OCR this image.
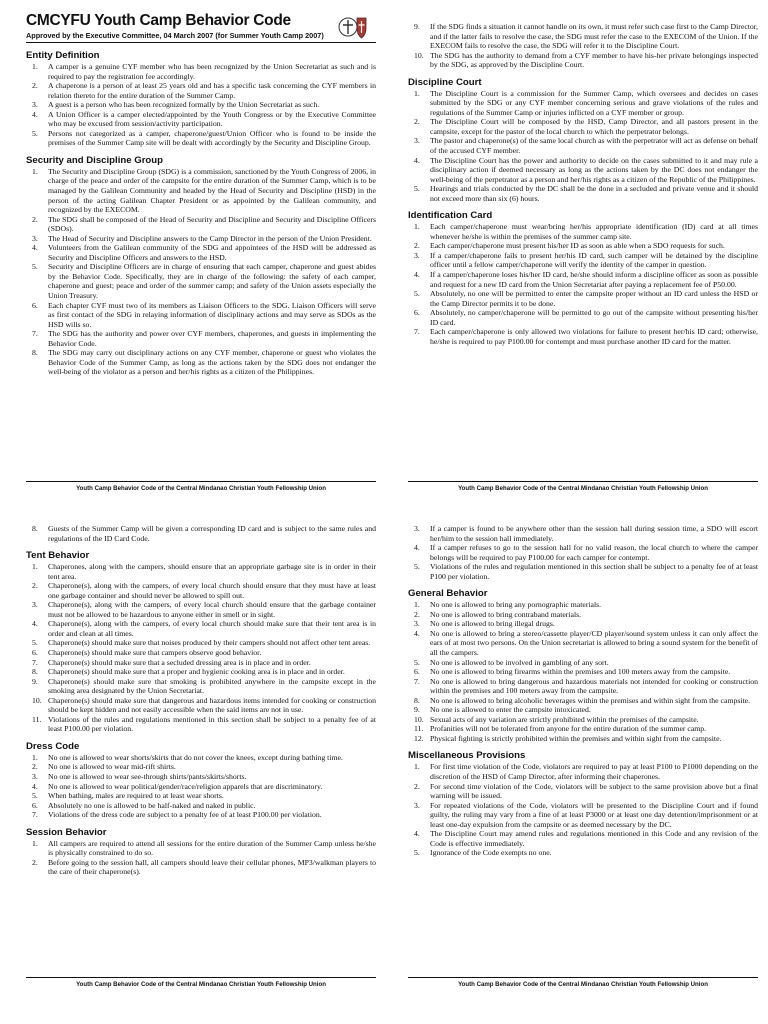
CMCYFU Youth Camp Behavior Code

Approved by the Executive Committee, 04 March 2007 (for Summer Youth Camp 2007)

Entity Definition
1. A camper is a genuine CYF member who has been recognized by the Union Secretariat as such and is required to pay the registration fee accordingly.
2. A chaperone is a person of at least 25 years old and has a specific task concerning the CYF members in relation thereto for the entire duration of the Summer Camp.
3. A guest is a person who has been recognized formally by the Union Secretariat as such.
4. A Union Officer is a camper elected/appointed by the Youth Congress or by the Executive Committee who may be excused from session/activity participation.
5. Persons not categorized as a camper, chaperone/guest/Union Officer who is found to be inside the premises of the Summer Camp site will be dealt with accordingly by the Security and Discipline Group.
Security and Discipline Group
1. The Security and Discipline Group (SDG) is a commission, sanctioned by the Youth Congress of 2006, in charge of the peace and order of the campsite for the entire duration of the Summer Camp, which is to be managed by the Galilean Community and headed by the Head of Security and Discipline (HSD) in the person of the acting Galilean Chapter President or as appointed by the Galilean community, and recognized by the EXECOM.
2. The SDG shall be composed of the Head of Security and Discipline and Security and Discipline Officers (SDOs).
3. The Head of Security and Discipline answers to the Camp Director in the person of the Union President.
4. Volunteers from the Galilean community of the SDG and appointees of the HSD will be addressed as Security and Discipline Officers and answers to the HSD.
5. Security and Discipline Officers are in charge of ensuring that each camper, chaperone and guest abides by the Behavior Code. Specifically, they are in charge of the following: the safety of each camper, chaperone and guest; peace and order of the summer camp; and safety of the Union assets especially the Union Treasury.
6. Each chapter CYF must two of its members as Liaison Officers to the SDG. Liaison Officers will serve as first contact of the SDG in relaying information of disciplinary actions and may serve as SDOs as the HSD wills so.
7. The SDG has the authority and power over CYF members, chaperones, and guests in implementing the Behavior Code.
8. The SDG may carry out disciplinary actions on any CYF member, chaperone or guest who violates the Behavior Code of the Summer Camp, as long as the actions taken by the SDG does not endanger the well-being of the violator as a person and her/his rights as a citizen of the Philippines.
Youth Camp Behavior Code of the Central Mindanao Christian Youth Fellowship Union
9. If the SDG finds a situation it cannot handle on its own, it must refer such case first to the Camp Director, and if the latter fails to resolve the case, the SDG must refer the case to the EXECOM of the Union. If the EXECOM fails to resolve the case, the SDG will refer it to the Discipline Court.
10. The SDG has the authority to demand from a CYF member to have his-her private belongings inspected by the SDG, as approved by the Discipline Court.
Discipline Court
1. The Discipline Court is a commission for the Summer Camp, which oversees and decides on cases submitted by the SDG or any CYF member concerning serious and grave violations of the rules and regulations of the Summer Camp or injuries inflicted on a CYF member or group.
2. The Discipline Court will be composed by the HSD, Camp Director, and all pastors present in the campsite, except for the pastor of the local church to which the perpetrator belongs.
3. The pastor and chaperone(s) of the same local church as with the perpetrator will act as defense on behalf of the accused CYF member.
4. The Discipline Court has the power and authority to decide on the cases submitted to it and may rule a disciplinary action if deemed necessary as long as the actions taken by the DC does not endanger the well-being of the perpetrator as a person and her/his rights as a citizen of the Republic of the Philippines.
5. Hearings and trials conducted by the DC shall be the done in a secluded and private venue and it should not exceed more than six (6) hours.
Identification Card
1. Each camper/chaperone must wear/bring her/his appropriate identification (ID) card at all times whenever he/she is within the premises of the summer camp site.
2. Each camper/chaperone must present his/her ID as soon as able when a SDO requests for such.
3. If a camper/chaperone fails to present her/his ID card, such camper will be detained by the discipline officer until a fellow camper/chaperone will verify the identity of the camper in question.
4. If a camper/chaperone loses his/her ID card, he/she should inform a discipline officer as soon as possible and request for a new ID card from the Union Secretariat after paying a replacement fee of P50.00.
5. Absolutely, no one will be permitted to enter the campsite proper without an ID card unless the HSD or the Camp Director permits it to be done.
6. Absolutely, no camper/chaperone will be permitted to go out of the campsite without presenting his/her ID card.
7. Each camper/chaperone is only allowed two violations for failure to present her/his ID card; otherwise, he/she is required to pay P100.00 for contempt and must purchase another ID card for the matter.
Youth Camp Behavior Code of the Central Mindanao Christian Youth Fellowship Union
8. Guests of the Summer Camp will be given a corresponding ID card and is subject to the same rules and regulations of the ID Card Code.
Tent Behavior
1. Chaperones, along with the campers, should ensure that an appropriate garbage site is in order in their tent area.
2. Chaperone(s), along with the campers, of every local church should ensure that they must have at least one garbage container and should never be allowed to spill out.
3. Chaperone(s), along with the campers, of every local church should ensure that the garbage container must not be allowed to be hazardous to anyone either in smell or in sight.
4. Chaperone(s), along with the campers, of every local church should make sure that their tent area is in order and clean at all times.
5. Chaperone(s) should make sure that noises produced by their campers should not affect other tent areas.
6. Chaperone(s) should make sure that campers observe good behavior.
7. Chaperone(s) should make sure that a secluded dressing area is in place and in order.
8. Chaperone(s) should make sure that a proper and hygienic cooking area is in place and in order.
9. Chaperone(s) should make sure that smoking is prohibited anywhere in the campsite except in the smoking area designated by the Union Secretariat.
10. Chaperone(s) should make sure that dangerous and hazardous items intended for cooking or construction should be kept hidden and not easily accessible when the said items are not in use.
11. Violations of the rules and regulations mentioned in this section shall be subject to a penalty fee of at least P100.00 per violation.
Dress Code
1. No one is allowed to wear shorts/skirts that do not cover the knees, except during bathing time.
2. No one is allowed to wear mid-rift shirts.
3. No one is allowed to wear see-through shirts/pants/skirts/shorts.
4. No one is allowed to wear political/gender/race/religion apparels that are discriminatory.
5. When bathing, males are required to at least wear shorts.
6. Absolutely no one is allowed to be half-naked and naked in public.
7. Violations of the dress code are subject to a penalty fee of at least P100.00 per violation.
Session Behavior
1. All campers are required to attend all sessions for the entire duration of the Summer Camp unless he/she is physically constrained to do so.
2. Before going to the session hall, all campers should leave their cellular phones, MP3/walkman players to the care of their chaperone(s).
Youth Camp Behavior Code of the Central Mindanao Christian Youth Fellowship Union
3. If a camper is found to be anywhere other than the session hall during session time, a SDO will escort her/him to the session hall immediately.
4. If a camper refuses to go to the session hall for no valid reason, the local church to where the camper belongs will be required to pay P100.00 for each camper for contempt.
5. Violations of the rules and regulation mentioned in this section shall be subject to a penalty fee of at least P100 per violation.
General Behavior
1. No one is allowed to bring any pornographic materials.
2. No one is allowed to bring contraband materials.
3. No one is allowed to bring illegal drugs.
4. No one is allowed to bring a stereo/cassette player/CD player/sound system unless it can only affect the ears of at most two persons. On the Union secretariat is allowed to bring a sound system for the benefit of all the campers.
5. No one is allowed to be involved in gambling of any sort.
6. No one is allowed to bring firearms within the premises and 100 meters away from the campsite.
7. No one is allowed to bring dangerous and hazardous materials not intended for cooking or construction within the premises and 100 meters away from the campsite.
8. No one is allowed to bring alcoholic beverages within the premises and within sight from the campsite.
9. No one is allowed to enter the campsite intoxicated.
10. Sexual acts of any variation are strictly prohibited within the premises of the campsite.
11. Profanities will not be tolerated from anyone for the entire duration of the summer camp.
12. Physical fighting is strictly prohibited within the premises and within sight from the campsite.
Miscellaneous Provisions
1. For first time violation of the Code, violators are required to pay at least P100 to P1000 depending on the discretion of the HSD of Camp Director, after informing their chaperones.
2. For second time violation of the Code, violators will be subject to the same provision above but a final warning will be issued.
3. For repeated violations of the Code, violators will be presented to the Discipline Court and if found guilty, the ruling may vary from a fine of at least P3000 or at least one day detention/imprisonment or at least one-day expulsion from the campsite or as deemed necessary by the DC.
4. The Discipline Court may amend rules and regulations mentioned in this Code and any revision of the Code is effective immediately.
5. Ignorance of the Code exempts no one.
Youth Camp Behavior Code of the Central Mindanao Christian Youth Fellowship Union
